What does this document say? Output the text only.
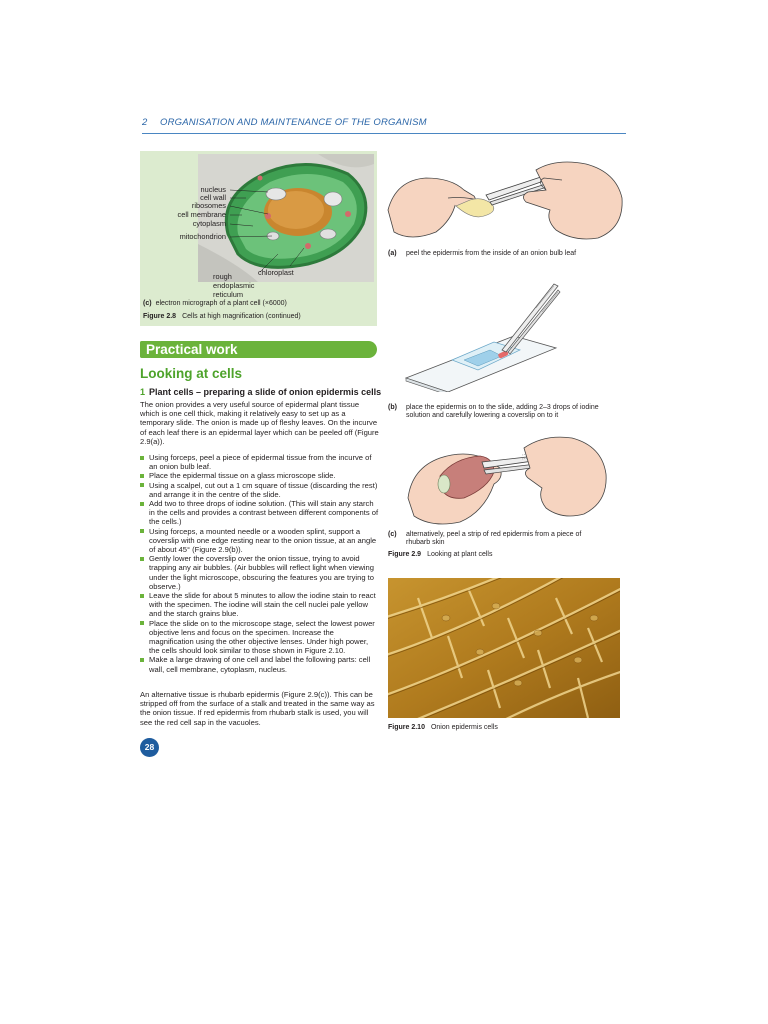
2 ORGANISATION AND MAINTENANCE OF THE ORGANISM
nucleus
cell wall
ribosomes
cell membrane
cytoplasm
mitochondrion
chloroplast
rough
endoplasmic
reticulum
(c) electron micrograph of a plant cell (×6000)
Figure 2.8 Cells at high magnification (continued)
Practical work
Looking at cells
1 Plant cells – preparing a slide of onion epidermis cells
The onion provides a very useful source of epidermal plant tissue which is one cell thick, making it relatively easy to set up as a temporary slide. The onion is made up of fleshy leaves. On the incurve of each leaf there is an epidermal layer which can be peeled off (Figure 2.9(a)).
Using forceps, peel a piece of epidermal tissue from the incurve of an onion bulb leaf.
Place the epidermal tissue on a glass microscope slide.
Using a scalpel, cut out a 1 cm square of tissue (discarding the rest) and arrange it in the centre of the slide.
Add two to three drops of iodine solution. (This will stain any starch in the cells and provides a contrast between different components of the cells.)
Using forceps, a mounted needle or a wooden splint, support a coverslip with one edge resting near to the onion tissue, at an angle of about 45° (Figure 2.9(b)).
Gently lower the coverslip over the onion tissue, trying to avoid trapping any air bubbles. (Air bubbles will reflect light when viewing under the light microscope, obscuring the features you are trying to observe.)
Leave the slide for about 5 minutes to allow the iodine stain to react with the specimen. The iodine will stain the cell nuclei pale yellow and the starch grains blue.
Place the slide on to the microscope stage, select the lowest power objective lens and focus on the specimen. Increase the magnification using the other objective lenses. Under high power, the cells should look similar to those shown in Figure 2.10.
Make a large drawing of one cell and label the following parts: cell wall, cell membrane, cytoplasm, nucleus.
An alternative tissue is rhubarb epidermis (Figure 2.9(c)). This can be stripped off from the surface of a stalk and treated in the same way as the onion tissue. If red epidermis from rhubarb stalk is used, you will see the red cell sap in the vacuoles.
28
(a) peel the epidermis from the inside of an onion bulb leaf
(b) place the epidermis on to the slide, adding 2–3 drops of iodine solution and carefully lowering a coverslip on to it
(c) alternatively, peel a strip of red epidermis from a piece of rhubarb skin
Figure 2.9 Looking at plant cells
Figure 2.10 Onion epidermis cells
